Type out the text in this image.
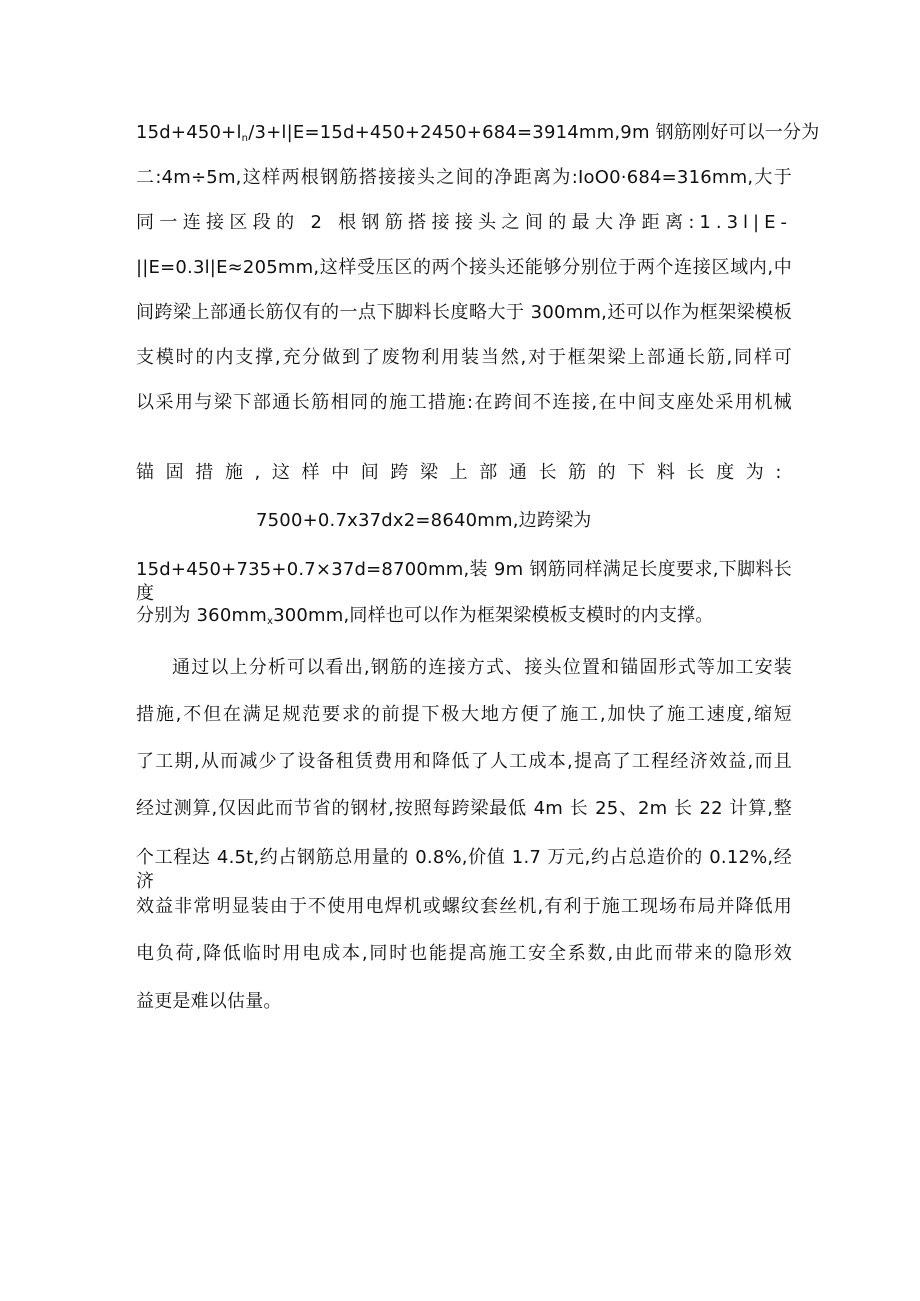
$15d+450+l_n/3+l|E=15d+450+2450+684=3914mm,9m$ 钢筋刚好可以一分为
二:4m÷5m,这样两根钢筋搭接接头之间的净距离为:IoO0·684=316mm,大于
同一连接区段的 2 根钢筋搭接接头之间的最大净距离:1.3l|E-
||E=0.3l|E≈205mm,这样受压区的两个接头还能够分别位于两个连接区域内,中
间跨梁上部通长筋仅有的一点下脚料长度略大于 300mm,还可以作为框架梁模板
支模时的内支撑,充分做到了废物利用装当然,对于框架梁上部通长筋,同样可
以采用与梁下部通长筋相同的施工措施:在跨间不连接,在中间支座处采用机械
锚固措施,这样中间跨梁上部通长筋的下料长度为:
7500+0.7x37dx2=8640mm,边跨梁为
15d+450+735+0.7×37d=8700mm,装 9m 钢筋同样满足长度要求,下脚料长度
分别为 $360mm_x300mm$,同样也可以作为框架梁模板支模时的内支撑。
通过以上分析可以看出,钢筋的连接方式、接头位置和锚固形式等加工安装
措施,不但在满足规范要求的前提下极大地方便了施工,加快了施工速度,缩短
了工期,从而减少了设备租赁费用和降低了人工成本,提高了工程经济效益,而且
经过测算,仅因此而节省的钢材,按照每跨梁最低 4m 长 25、2m 长 22 计算,整
个工程达 4.5t,约占钢筋总用量的 0.8%,价值 1.7 万元,约占总造价的 0.12%,经济
效益非常明显装由于不使用电焊机或螺纹套丝机,有利于施工现场布局并降低用
电负荷,降低临时用电成本,同时也能提高施工安全系数,由此而带来的隐形效
益更是难以估量。
